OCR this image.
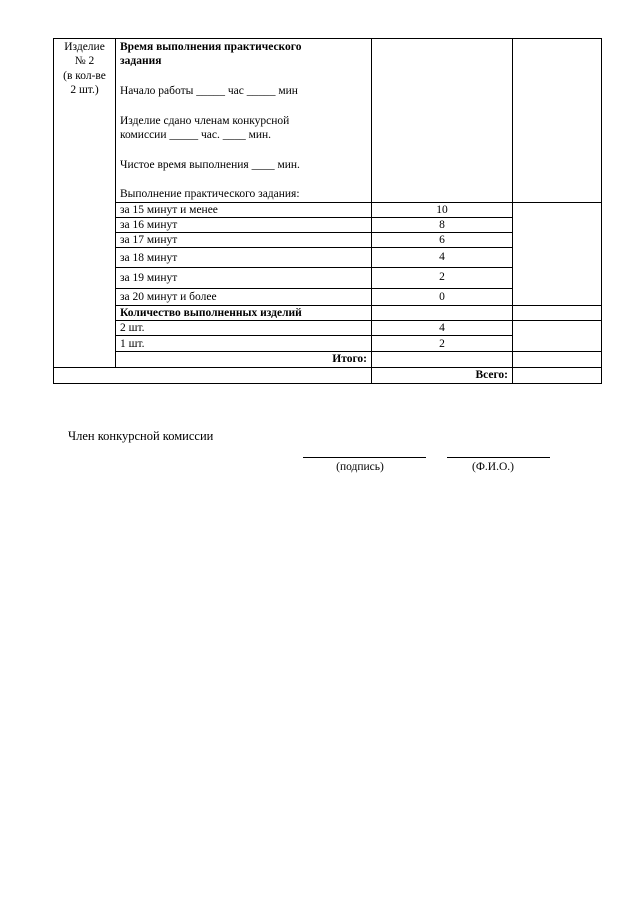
Изделие
№ 2
(в кол-ве
2 шт.)
Время выполнения практического
задания
Начало работы _____ час _____ мин
Изделие сдано членам конкурсной
комиссии _____ час. ____ мин.
Чистое время выполнения ____ мин.
Выполнение практического задания:
за 15 минут и менее	10
за 16 минут	8
за 17 минут	6
за 18 минут	4
за 19 минут	2
за 20 минут и более	0
Количество выполненных изделий
2 шт.	4
1 шт.	2
Итого:
Всего:
Член конкурсной комиссии
(подпись)	(Ф.И.О.)
